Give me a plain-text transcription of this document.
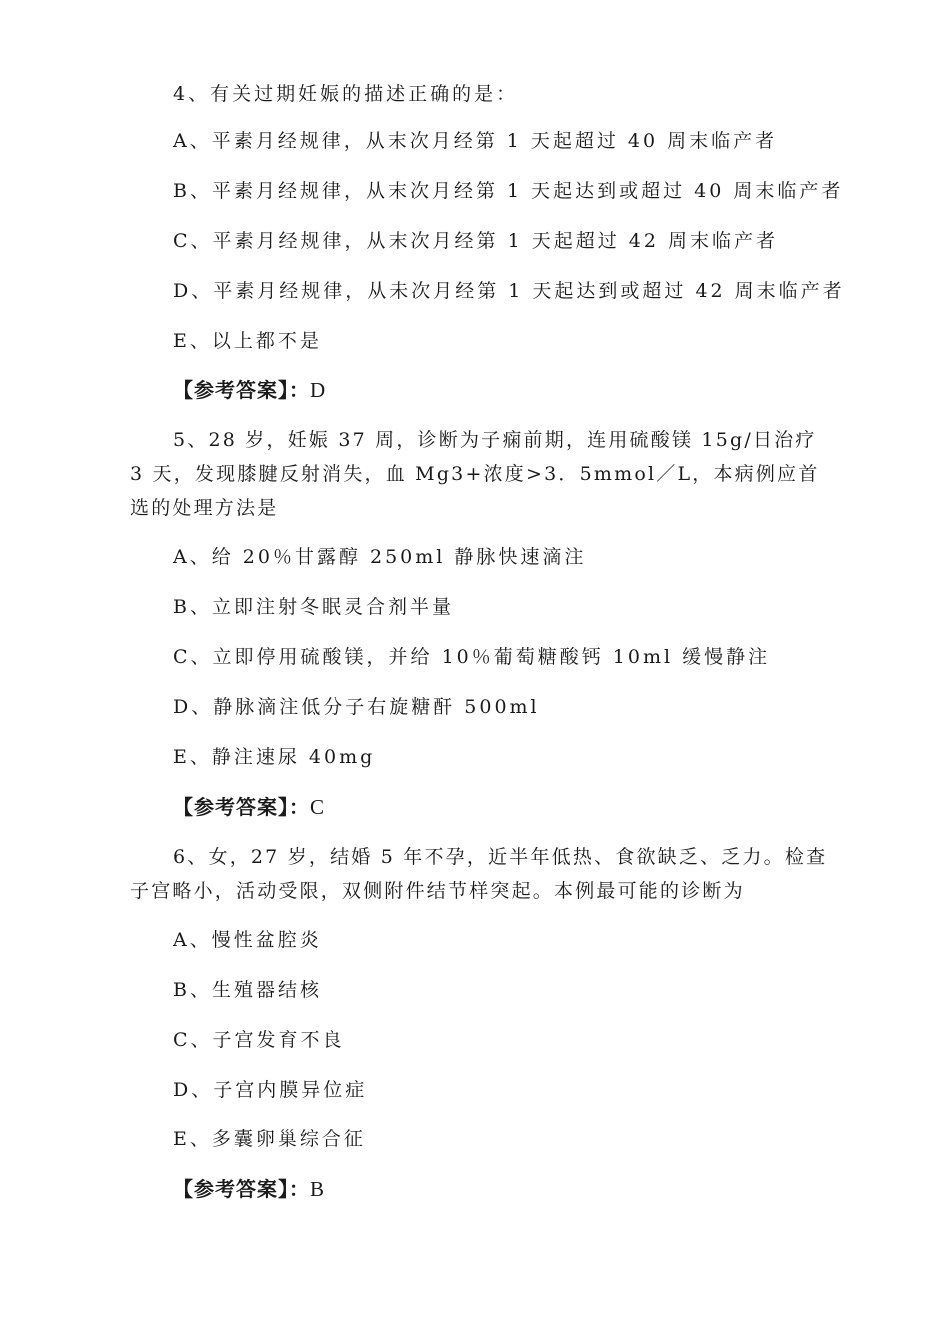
4、有关过期妊娠的描述正确的是：
A、平素月经规律，从末次月经第 1 天起超过 40 周末临产者
B、平素月经规律，从末次月经第 1 天起达到或超过 40 周末临产者
C、平素月经规律，从末次月经第 1 天起超过 42 周末临产者
D、平素月经规律，从未次月经第 1 天起达到或超过 42 周末临产者
E、以上都不是
【参考答案】：D
5、28 岁，妊娠 37 周，诊断为子痫前期，连用硫酸镁 15g/日治疗 3 天，发现膝腱反射消失，血 Mg3+浓度>3．5mmol／L，本病例应首选的处理方法是
A、给 20％甘露醇 250ml 静脉快速滴注
B、立即注射冬眠灵合剂半量
C、立即停用硫酸镁，并给 10％葡萄糖酸钙 10ml 缓慢静注
D、静脉滴注低分子右旋糖酐 500ml
E、静注速尿 40mg
【参考答案】：C
6、女，27 岁，结婚 5 年不孕，近半年低热、食欲缺乏、乏力。检查子宫略小，活动受限，双侧附件结节样突起。本例最可能的诊断为
A、慢性盆腔炎
B、生殖器结核
C、子宫发育不良
D、子宫内膜异位症
E、多囊卵巢综合征
【参考答案】：B
